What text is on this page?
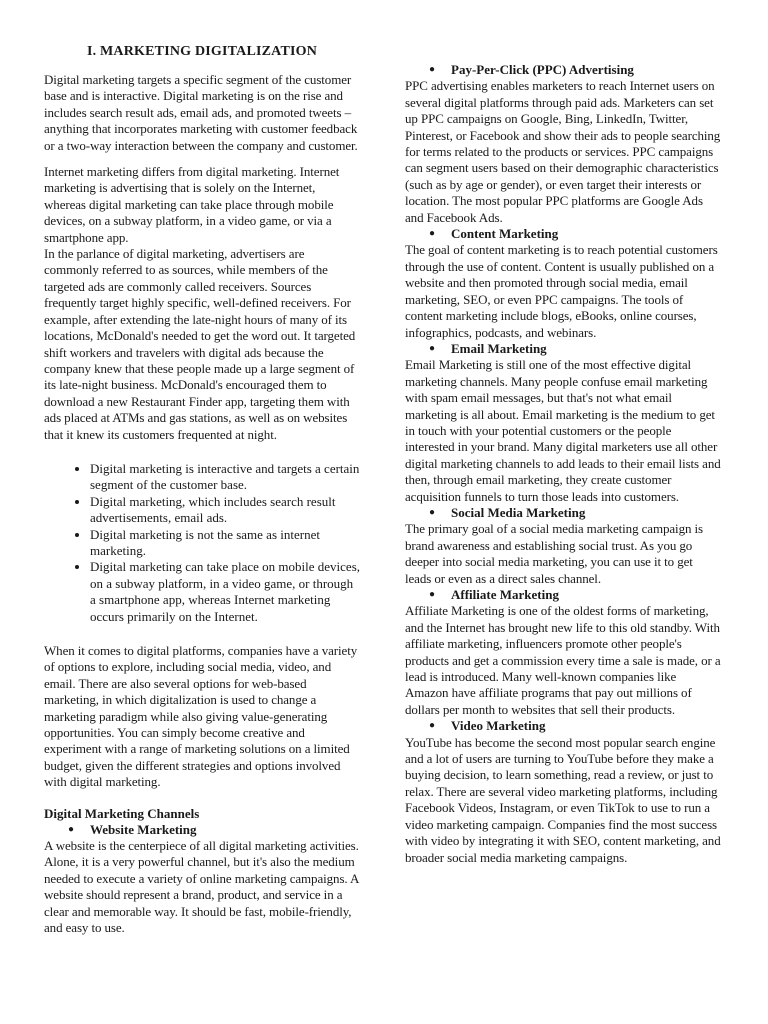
I. MARKETING DIGITALIZATION

Digital marketing targets a specific segment of the customer base and is interactive. Digital marketing is on the rise and includes search result ads, email ads, and promoted tweets – anything that incorporates marketing with customer feedback or a two-way interaction between the company and customer.

Internet marketing differs from digital marketing. Internet marketing is advertising that is solely on the Internet, whereas digital marketing can take place through mobile devices, on a subway platform, in a video game, or via a smartphone app.

In the parlance of digital marketing, advertisers are commonly referred to as sources, while members of the targeted ads are commonly called receivers. Sources frequently target highly specific, well-defined receivers. For example, after extending the late-night hours of many of its locations, McDonald's needed to get the word out. It targeted shift workers and travelers with digital ads because the company knew that these people made up a large segment of its late-night business. McDonald's encouraged them to download a new Restaurant Finder app, targeting them with ads placed at ATMs and gas stations, as well as on websites that it knew its customers frequented at night.

• Digital marketing is interactive and targets a certain segment of the customer base.
• Digital marketing, which includes search result advertisements, email ads.
• Digital marketing is not the same as internet marketing.
• Digital marketing can take place on mobile devices, on a subway platform, in a video game, or through a smartphone app, whereas Internet marketing occurs primarily on the Internet.

When it comes to digital platforms, companies have a variety of options to explore, including social media, video, and email. There are also several options for web-based marketing, in which digitalization is used to change a marketing paradigm while also giving value-generating opportunities. You can simply become creative and experiment with a range of marketing solutions on a limited budget, given the different strategies and options involved with digital marketing.

Digital Marketing Channels
● Website Marketing

A website is the centerpiece of all digital marketing activities. Alone, it is a very powerful channel, but it's also the medium needed to execute a variety of online marketing campaigns. A website should represent a brand, product, and service in a clear and memorable way. It should be fast, mobile-friendly, and easy to use.

● Pay-Per-Click (PPC) Advertising

PPC advertising enables marketers to reach Internet users on several digital platforms through paid ads. Marketers can set up PPC campaigns on Google, Bing, LinkedIn, Twitter, Pinterest, or Facebook and show their ads to people searching for terms related to the products or services. PPC campaigns can segment users based on their demographic characteristics (such as by age or gender), or even target their interests or location. The most popular PPC platforms are Google Ads and Facebook Ads.

● Content Marketing

The goal of content marketing is to reach potential customers through the use of content. Content is usually published on a website and then promoted through social media, email marketing, SEO, or even PPC campaigns. The tools of content marketing include blogs, eBooks, online courses, infographics, podcasts, and webinars.

● Email Marketing

Email Marketing is still one of the most effective digital marketing channels. Many people confuse email marketing with spam email messages, but that's not what email marketing is all about. Email marketing is the medium to get in touch with your potential customers or the people interested in your brand. Many digital marketers use all other digital marketing channels to add leads to their email lists and then, through email marketing, they create customer acquisition funnels to turn those leads into customers.

● Social Media Marketing

The primary goal of a social media marketing campaign is brand awareness and establishing social trust. As you go deeper into social media marketing, you can use it to get leads or even as a direct sales channel.

● Affiliate Marketing

Affiliate Marketing is one of the oldest forms of marketing, and the Internet has brought new life to this old standby. With affiliate marketing, influencers promote other people's products and get a commission every time a sale is made, or a lead is introduced. Many well-known companies like Amazon have affiliate programs that pay out millions of dollars per month to websites that sell their products.

● Video Marketing

YouTube has become the second most popular search engine and a lot of users are turning to YouTube before they make a buying decision, to learn something, read a review, or just to relax. There are several video marketing platforms, including Facebook Videos, Instagram, or even TikTok to use to run a video marketing campaign. Companies find the most success with video by integrating it with SEO, content marketing, and broader social media marketing campaigns.
